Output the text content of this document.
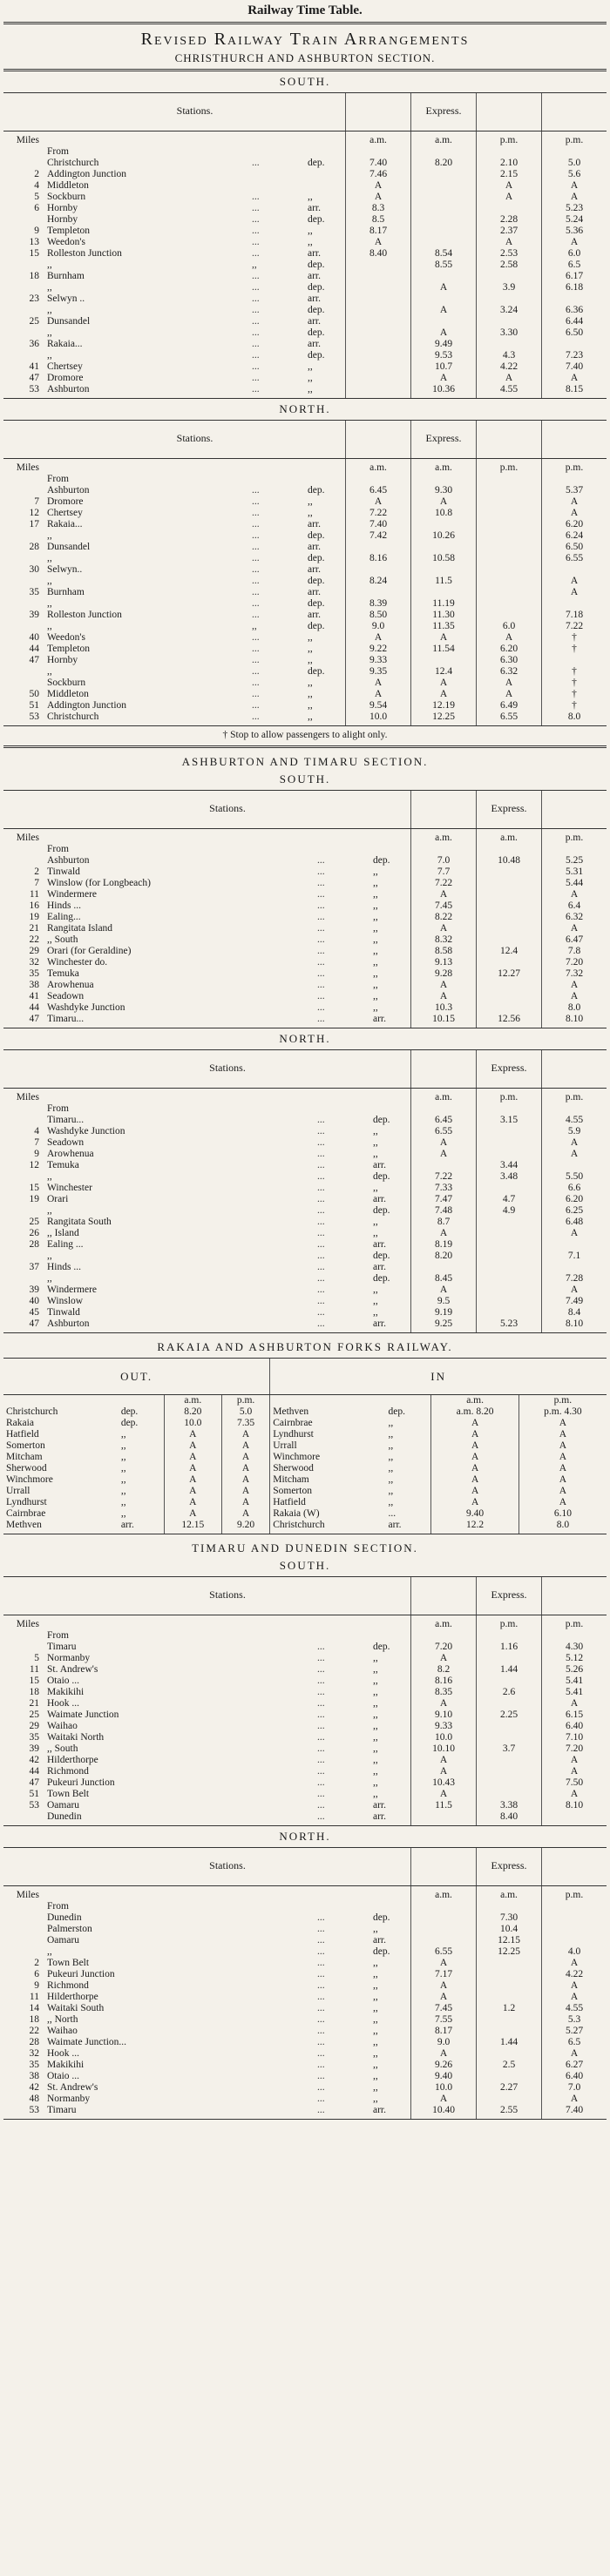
Railway Time Table.
Revised Railway Train Arrangements
CHRISTHURCH AND ASHBURTON SECTION.
SOUTH.
	Stations.				Express.		
Miles				a.m.	a.m.	p.m.	p.m.
	From						
	Christchurch	...	dep.	7.40	8.20	2.10	5.0
2	Addington Junction			7.46		2.15	5.6
4	Middleton			A		A	A
5	Sockburn	...	,,	A		A	A
6	Hornby	...	arr.	8.3			5.23
	Hornby	...	dep.	8.5		2.28	5.24
9	Templeton	...	,,	8.17		2.37	5.36
13	Weedon's	...	,,	A		A	A
15	Rolleston Junction	...	arr.	8.40	8.54	2.53	6.0
	,,	,,	dep.		8.55	2.58	6.5
18	Burnham	...	arr.				6.17
	,,	...	dep.		A	3.9	6.18
23	Selwyn ..	...	arr.				
	,,	...	dep.		A	3.24	6.36
25	Dunsandel	...	arr.				6.44
	,,	...	dep.		A	3.30	6.50
36	Rakaia...	...	arr.		9.49		
	,,	...	dep.		9.53	4.3	7.23
41	Chertsey	...	,,		10.7	4.22	7.40
47	Dromore	...	,,		A	A	A
53	Ashburton	...	,,		10.36	4.55	8.15
NORTH.
	Stations.				Express.		
Miles				a.m.	a.m.	p.m.	p.m.
	From						
	Ashburton	...	dep.	6.45	9.30		5.37
7	Dromore	...	,,	A	A		A
12	Chertsey	...	,,	7.22	10.8		A
17	Rakaia...	...	arr.	7.40			6.20
	,,	...	dep.	7.42	10.26		6.24
28	Dunsandel	...	arr.				6.50
	,,	...	dep.	8.16	10.58		6.55
30	Selwyn..	...	arr.				
	,,	...	dep.	8.24	11.5		A
35	Burnham	...	arr.				A
	,,	...	dep.	8.39	11.19		
39	Rolleston Junction	...	arr.	8.50	11.30		7.18
	,,	,,	dep.	9.0	11.35	6.0	7.22
40	Weedon's	...	,,	A	A	A	†
44	Templeton	...	,,	9.22	11.54	6.20	†
47	Hornby	...	,,	9.33		6.30	
	,,	...	dep.	9.35	12.4	6.32	†
	Sockburn	...	,,	A	A	A	†
50	Middleton	...	,,	A	A	A	†
51	Addington Junction	...	,,	9.54	12.19	6.49	†
53	Christchurch	...	,,	10.0	12.25	6.55	8.0
† Stop to allow passengers to alight only.
ASHBURTON AND TIMARU SECTION.
SOUTH.
	Stations.				Express.	
Miles				a.m.	a.m.	p.m.
	From					
	Ashburton	...	dep.	7.0	10.48	5.25
2	Tinwald	...	,,	7.7		5.31
7	Winslow (for Longbeach)	...	,,	7.22		5.44
11	Windermere	...	,,	A		A
16	Hinds ...	...	,,	7.45		6.4
19	Ealing...	...	,,	8.22		6.32
21	Rangitata Island	...	,,	A		A
22	,, South	...	,,	8.32		6.47
29	Orari (for Geraldine)	...	,,	8.58	12.4	7.8
32	Winchester do.	...	,,	9.13		7.20
35	Temuka	...	,,	9.28	12.27	7.32
38	Arowhenua	...	,,	A		A
41	Seadown	...	,,	A		A
44	Washdyke Junction	...	,,	10.3		8.0
47	Timaru...	...	arr.	10.15	12.56	8.10
NORTH.
	Stations.				Express.	
Miles				a.m.	p.m.	p.m.
	From					
	Timaru...	...	dep.	6.45	3.15	4.55
4	Washdyke Junction	...	,,	6.55		5.9
7	Seadown	...	,,	A		A
9	Arowhenua	...	,,	A		A
12	Temuka	...	arr.		3.44	
	,,	...	dep.	7.22	3.48	5.50
15	Winchester	...	,,	7.33		6.6
19	Orari	...	arr.	7.47	4.7	6.20
	,,	...	dep.	7.48	4.9	6.25
25	Rangitata South	...	,,	8.7		6.48
26	,, Island	...	,,	A		A
28	Ealing ...	...	arr.	8.19		
	,,	...	dep.	8.20		7.1
37	Hinds ...	...	arr.			
	,,	...	dep.	8.45		7.28
39	Windermere	...	,,	A		A
40	Winslow	...	,,	9.5		7.49
45	Tinwald	...	,,	9.19		8.4
47	Ashburton	...	arr.	9.25	5.23	8.10
RAKAIA AND ASHBURTON FORKS RAILWAY.
OUT.				IN			
		a.m.	p.m.			a.m.	p.m.
Christchurch	dep.	8.20	5.0	Methven	dep.	a.m. 8.20	p.m. 4.30
Rakaia	dep.	10.0	7.35	Cairnbrae	,,	A	A
Hatfield	,,	A	A	Lyndhurst	,,	A	A
Somerton	,,	A	A	Urrall	,,	A	A
Mitcham	,,	A	A	Winchmore	,,	A	A
Sherwood	,,	A	A	Sherwood	,,	A	A
Winchmore	,,	A	A	Mitcham	,,	A	A
Urrall	,,	A	A	Somerton	,,	A	A
Lyndhurst	,,	A	A	Hatfield	,,	A	A
Cairnbrae	,,	A	A	Rakaia (W)	...	9.40	6.10
Methven	arr.	12.15	9.20	Christchurch	arr.	12.2	8.0
TIMARU AND DUNEDIN SECTION.
SOUTH.
	Stations.				Express.	
Miles				a.m.	p.m.	p.m.
	From					
	Timaru	...	dep.	7.20	1.16	4.30
5	Normanby	...	,,	A		5.12
11	St. Andrew's	...	,,	8.2	1.44	5.26
15	Otaio ...	...	,,	8.16		5.41
18	Makikihi	...	,,	8.35	2.6	5.41
21	Hook ...	...	,,	A		A
25	Waimate Junction	...	,,	9.10	2.25	6.15
29	Waihao	...	,,	9.33		6.40
35	Waitaki North	...	,,	10.0		7.10
39	,, South	...	,,	10.10	3.7	7.20
42	Hilderthorpe	...	,,	A		A
44	Richmond	...	,,	A		A
47	Pukeuri Junction	...	,,	10.43		7.50
51	Town Belt	...	,,	A		A
53	Oamaru	...	arr.	11.5	3.38	8.10
	Dunedin	...	arr.		8.40	
NORTH.
	Stations.				Express.	
Miles				a.m.	a.m.	p.m.
	From					
	Dunedin	...	dep.		7.30	
	Palmerston	...	,,		10.4	
	Oamaru	...	arr.		12.15	
	,,	...	dep.	6.55	12.25	4.0
2	Town Belt	...	,,	A		A
6	Pukeuri Junction	...	,,	7.17		4.22
9	Richmond	...	,,	A		A
11	Hilderthorpe	...	,,	A		A
14	Waitaki South	...	,,	7.45	1.2	4.55
18	,, North	...	,,	7.55		5.3
22	Waihao	...	,,	8.17		5.27
28	Waimate Junction...	...	,,	9.0	1.44	6.5
32	Hook ...	...	,,	A		A
35	Makikihi	...	,,	9.26	2.5	6.27
38	Otaio ...	...	,,	9.40		6.40
42	St. Andrew's	...	,,	10.0	2.27	7.0
48	Normanby	...	,,	A		A
53	Timaru	...	arr.	10.40	2.55	7.40
